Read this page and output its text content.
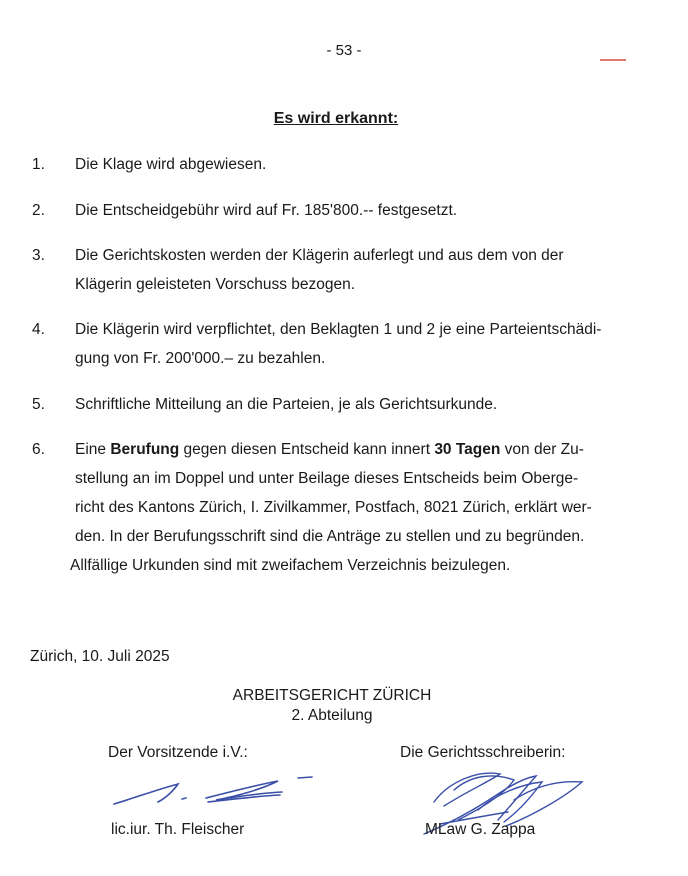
- 53 -
Es wird erkannt:
1. Die Klage wird abgewiesen.
2. Die Entscheidgebühr wird auf Fr. 185'800.-- festgesetzt.
3. Die Gerichtskosten werden der Klägerin auferlegt und aus dem von der
Klägerin geleisteten Vorschuss bezogen.
4. Die Klägerin wird verpflichtet, den Beklagten 1 und 2 je eine Parteientschädi-
gung von Fr. 200'000.– zu bezahlen.
5. Schriftliche Mitteilung an die Parteien, je als Gerichtsurkunde.
6. Eine Berufung gegen diesen Entscheid kann innert 30 Tagen von der Zu-
stellung an im Doppel und unter Beilage dieses Entscheids beim Oberge-
richt des Kantons Zürich, I. Zivilkammer, Postfach, 8021 Zürich, erklärt wer-
den. In der Berufungsschrift sind die Anträge zu stellen und zu begründen.
Allfällige Urkunden sind mit zweifachem Verzeichnis beizulegen.
Zürich, 10. Juli 2025
ARBEITSGERICHT ZÜRICH
2. Abteilung
Der Vorsitzende i.V.:	Die Gerichtsschreiberin:
lic.iur. Th. Fleischer	MLaw G. Zappa
